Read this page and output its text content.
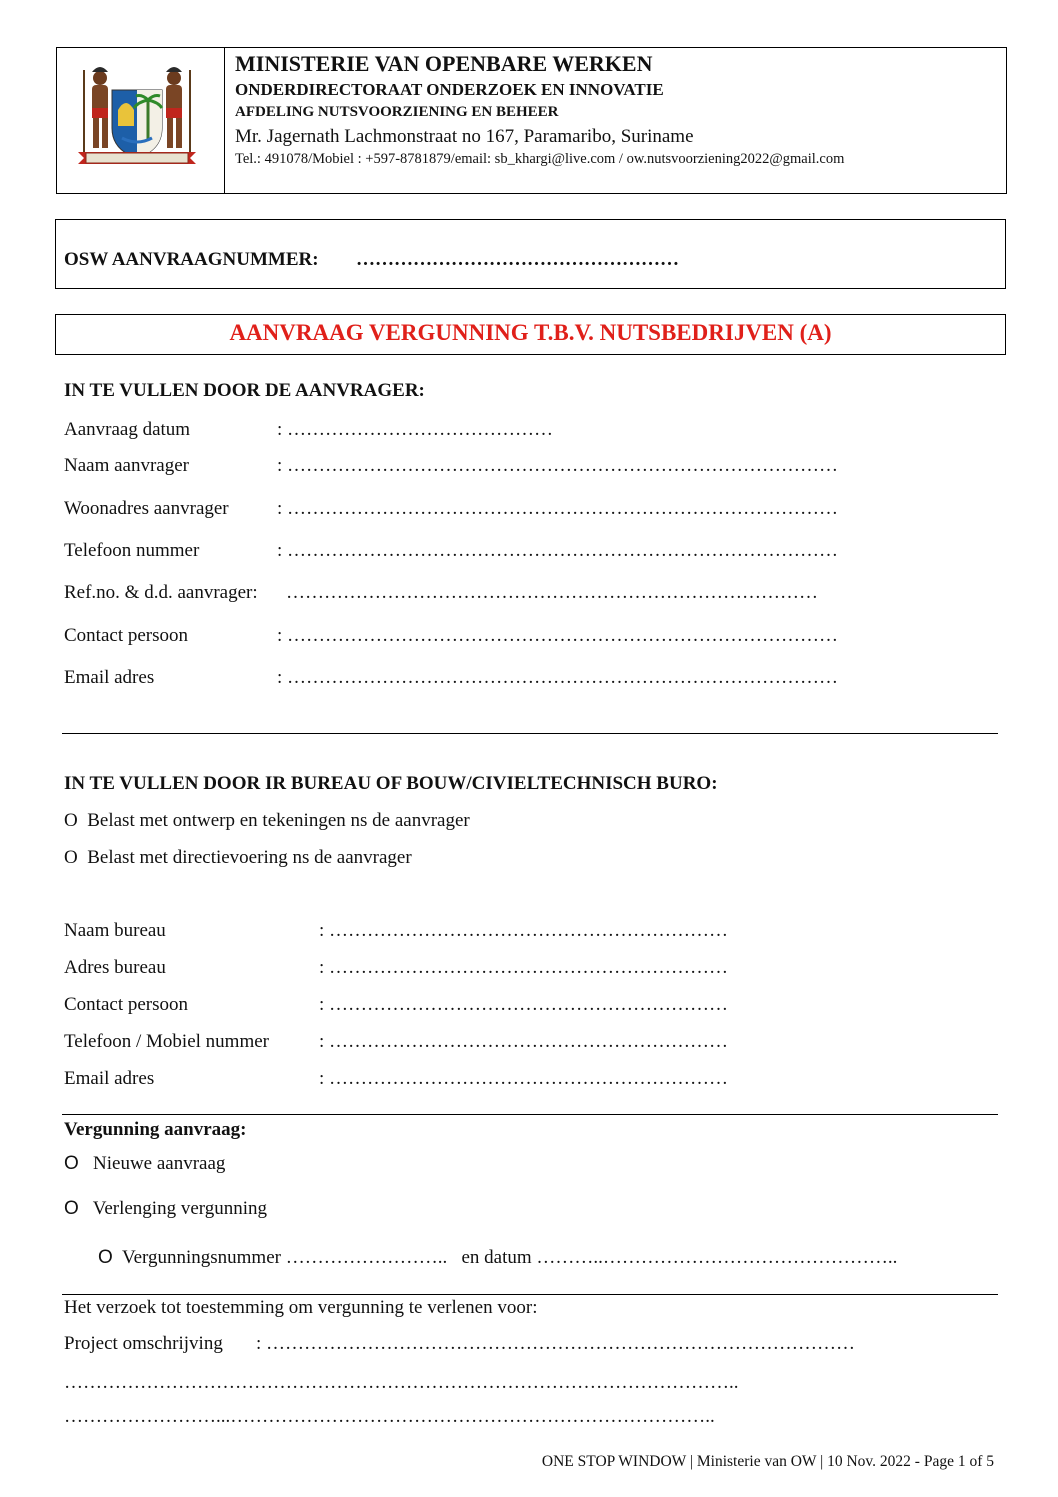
MINISTERIE VAN OPENBARE WERKEN
ONDERDIRECTORAAT ONDERZOEK EN INNOVATIE
AFDELING NUTSVOORZIENING EN BEHEER
Mr. Jagernath Lachmonstraat no 167, Paramaribo, Suriname
Tel.: 491078/Mobiel : +597-8781879/email: sb_khargi@live.com / ow.nutsvoorziening2022@gmail.com
OSW AANVRAAGNUMMER: ……………………………………………
AANVRAAG VERGUNNING T.B.V. NUTSBEDRIJVEN (A)
IN TE VULLEN DOOR DE AANVRAGER:
Aanvraag datum	: ……………………………………
Naam aanvrager	: ……………………………………………………………………………
Woonadres aanvrager	: ……………………………………………………………………………
Telefoon nummer	: ……………………………………………………………………………
Ref.no. & d.d. aanvrager: …………………………………………………………………………
Contact persoon	: ……………………………………………………………………………
Email adres	: ……………………………………………………………………………
IN TE VULLEN DOOR IR BUREAU OF BOUW/CIVIELTECHNISCH BURO:
O Belast met ontwerp en tekeningen ns de aanvrager
O Belast met directievoering ns de aanvrager
Naam bureau	: ………………………………………………………
Adres bureau	: ………………………………………………………
Contact persoon	: ………………………………………………………
Telefoon / Mobiel nummer	: ………………………………………………………
Email adres	: ………………………………………………………
Vergunning aanvraag:
O Nieuwe aanvraag
O Verlenging vergunning
O Vergunningsnummer …………………….. en datum ………..………………………………………..
Het verzoek tot toestemming om vergunning te verlenen voor:
Project omschrijving : …………………………………………………………………………………
……………………………………………………………………………………………..
……………………...…………………………………………………………………..
ONE STOP WINDOW | Ministerie van OW | 10 Nov. 2022 - Page 1 of 5
